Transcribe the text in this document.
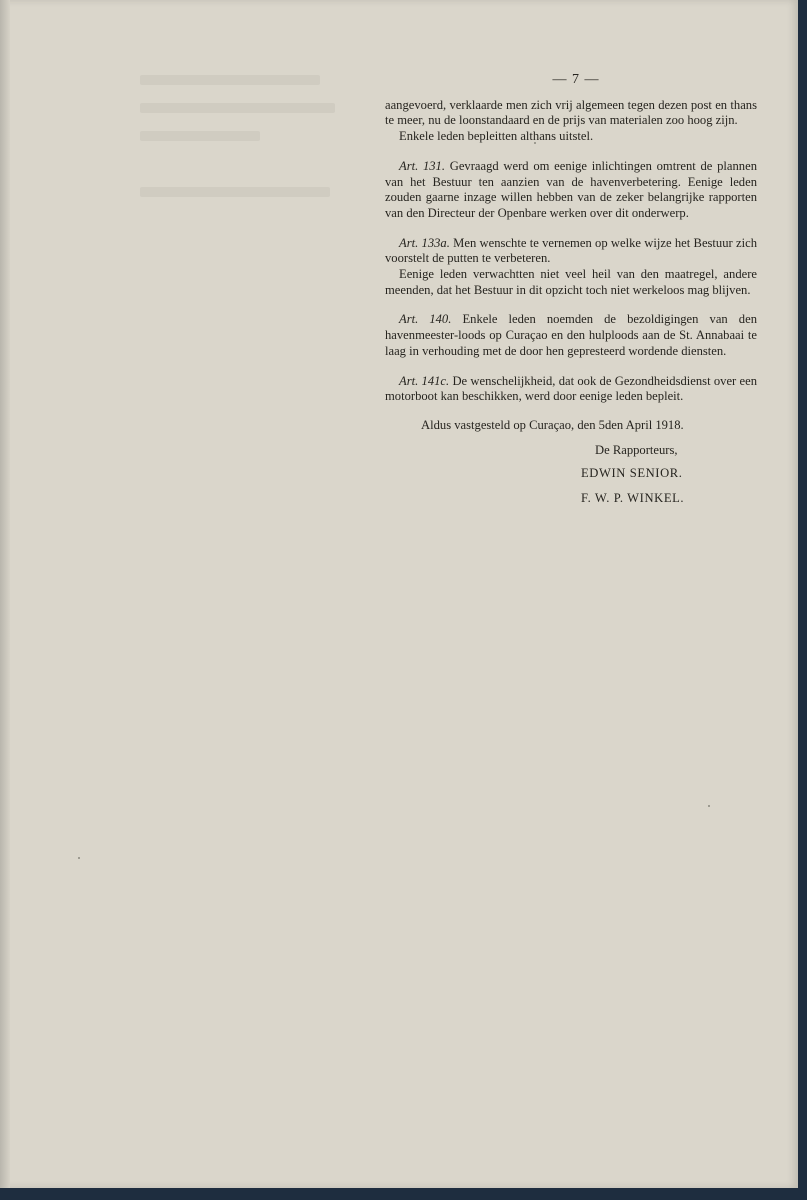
— 7 —

aangevoerd, verklaarde men zich vrij algemeen tegen dezen post en thans te meer, nu de loonstandaard en de prijs van materialen zoo hoog zijn.

Enkele leden bepleitten althans uitstel.

Art. 131. Gevraagd werd om eenige inlichtingen omtrent de plannen van het Bestuur ten aanzien van de havenverbetering. Eenige leden zouden gaarne inzage willen hebben van de zeker belangrijke rapporten van den Directeur der Openbare werken over dit onderwerp.

Art. 133a. Men wenschte te vernemen op welke wijze het Bestuur zich voorstelt de putten te verbeteren.

Eenige leden verwachtten niet veel heil van den maatregel, andere meenden, dat het Bestuur in dit opzicht toch niet werkeloos mag blijven.

Art. 140. Enkele leden noemden de bezoldigingen van den havenmeester-loods op Curaçao en den hulploods aan de St. Annabaai te laag in verhouding met de door hen gepresteerd wordende diensten.

Art. 141c. De wenschelijkheid, dat ook de Gezondheidsdienst over een motorboot kan beschikken, werd door eenige leden bepleit.

Aldus vastgesteld op Curaçao, den 5den April 1918.

De Rapporteurs,
EDWIN SENIOR.
F. W. P. WINKEL.
